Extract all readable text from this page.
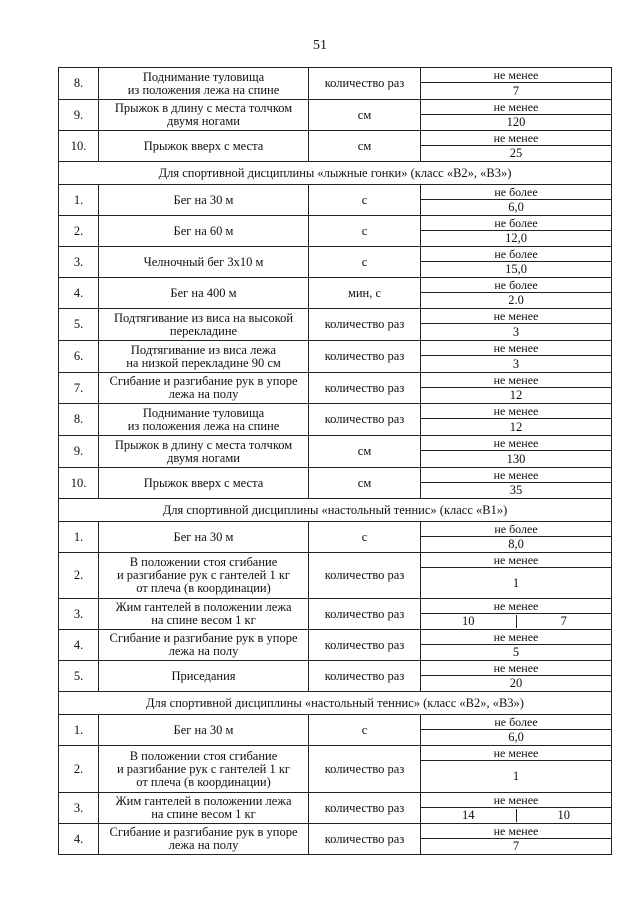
51
8.	Поднимание туловища
из положения лежа на спине	количество раз	не менее
			7
9.	Прыжок в длину с места толчком
двумя ногами	см	не менее
			120
10.	Прыжок вверх с места	см	не менее
			25
Для спортивной дисциплины «лыжные гонки» (класс «В2», «В3»)			
1.	Бег на 30 м	с	не более
			6,0
2.	Бег на 60 м	с	не более
			12,0
3.	Челночный бег 3x10 м	с	не более
			15,0
4.	Бег на 400 м	мин, с	не более
			2.0
5.	Подтягивание из виса на высокой
перекладине	количество раз	не менее
			3
6.	Подтягивание из виса лежа
на низкой перекладине 90 см	количество раз	не менее
			3
7.	Сгибание и разгибание рук в упоре
лежа на полу	количество раз	не менее
			12
8.	Поднимание туловища
из положения лежа на спине	количество раз	не менее
			12
9.	Прыжок в длину с места толчком
двумя ногами	см	не менее
			130
10.	Прыжок вверх с места	см	не менее
			35
Для спортивной дисциплины «настольный теннис» (класс «В1»)			
1.	Бег на 30 м	с	не более
			8,0
2.	В положении стоя сгибание
и разгибание рук с гантелей 1 кг
от плеча (в координации)	количество раз	не менее
			1
3.	Жим гантелей в положении лежа
на спине весом 1 кг	количество раз	не менее

			10 7

4.	Сгибание и разгибание рук в упоре
лежа на полу	количество раз	не менее
			5
5.	Приседания	количество раз	не менее
			20
Для спортивной дисциплины «настольный теннис» (класс «В2», «В3»)			
1.	Бег на 30 м	с	не более
			6,0
2.	В положении стоя сгибание
и разгибание рук с гантелей 1 кг
от плеча (в координации)	количество раз	не менее
			1
3.	Жим гантелей в положении лежа
на спине весом 1 кг	количество раз	не менее

			14 10

4.	Сгибание и разгибание рук в упоре
лежа на полу	количество раз	не менее
			7
